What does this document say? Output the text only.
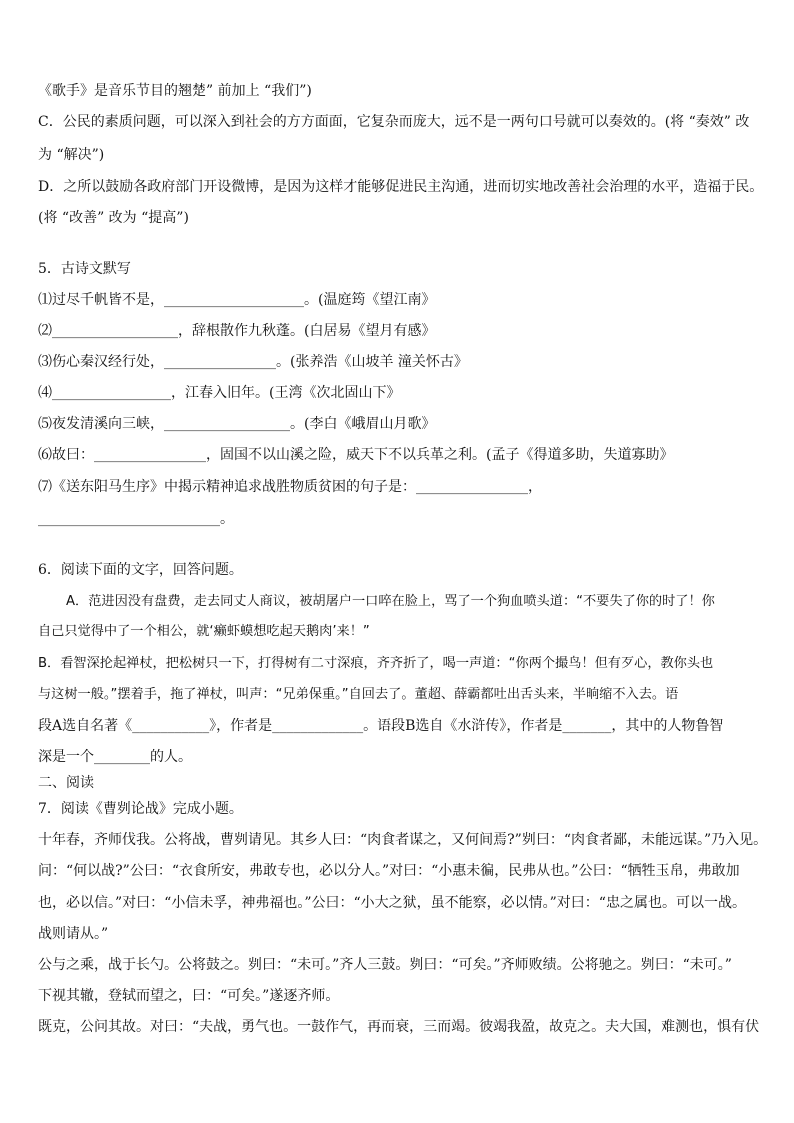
《歌手》是音乐节目的翘楚” 前加上 “我们”)
C．公民的素质问题，可以深入到社会的方方面面，它复杂而庞大，远不是一两句口号就可以奏效的。(将 “奏效” 改
为 “解决”)
D．之所以鼓励各政府部门开设微博，是因为这样才能够促进民主沟通，进而切实地改善社会治理的水平，造福于民。
(将 “改善” 改为 “提高”)
5．古诗文默写
⑴过尽千帆皆不是，____________________。(温庭筠《望江南》
⑵__________________，辞根散作九秋蓬。(白居易《望月有感》
⑶伤心秦汉经行处，________________。(张养浩《山坡羊 潼关怀古》
⑷_________________，江春入旧年。(王湾《次北固山下》
⑸夜发清溪向三峡，__________________。(李白《峨眉山月歌》
⑹故曰：________________，固国不以山溪之险，威天下不以兵革之利。(孟子《得道多助，失道寡助》
⑺《送东阳马生序》中揭示精神追求战胜物质贫困的句子是：________________，
__________________________。
6．阅读下面的文字，回答问题。
A．范进因没有盘费，走去同丈人商议，被胡屠户一口啐在脸上，骂了一个狗血喷头道：“不要失了你的时了！你
自己只觉得中了一个相公，就‘癞虾蟆想吃起天鹅肉’来！”
B．看智深抡起禅杖，把松树只一下，打得树有二寸深痕，齐齐折了，喝一声道：“你两个撮鸟！但有歹心，教你头也
与这树一般。”摆着手，拖了禅杖，叫声：“兄弟保重。”自回去了。董超、薛霸都吐出舌头来，半晌缩不入去。语
段A选自名著《___________》，作者是_____________。语段B选自《水浒传》，作者是_______，其中的人物鲁智
深是一个________的人。
二、阅读
7．阅读《曹刿论战》完成小题。
十年春，齐师伐我。公将战，曹刿请见。其乡人曰：“肉食者谋之，又何间焉?”刿曰：“肉食者鄙，未能远谋。”乃入见。
问：“何以战?”公曰：“衣食所安，弗敢专也，必以分人。”对曰：“小惠未徧，民弗从也。”公曰：“牺牲玉帛，弗敢加
也，必以信。”对曰：“小信未孚，神弗福也。”公曰：“小大之狱，虽不能察，必以情。”对曰：“忠之属也。可以一战。
战则请从。”
公与之乘，战于长勺。公将鼓之。刿曰：“未可。”齐人三鼓。刿曰：“可矣。”齐师败绩。公将驰之。刿曰：“未可。”
下视其辙，登轼而望之，曰：“可矣。”遂逐齐师。
既克，公问其故。对曰：“夫战，勇气也。一鼓作气，再而衰，三而竭。彼竭我盈，故克之。夫大国，难测也，惧有伏
